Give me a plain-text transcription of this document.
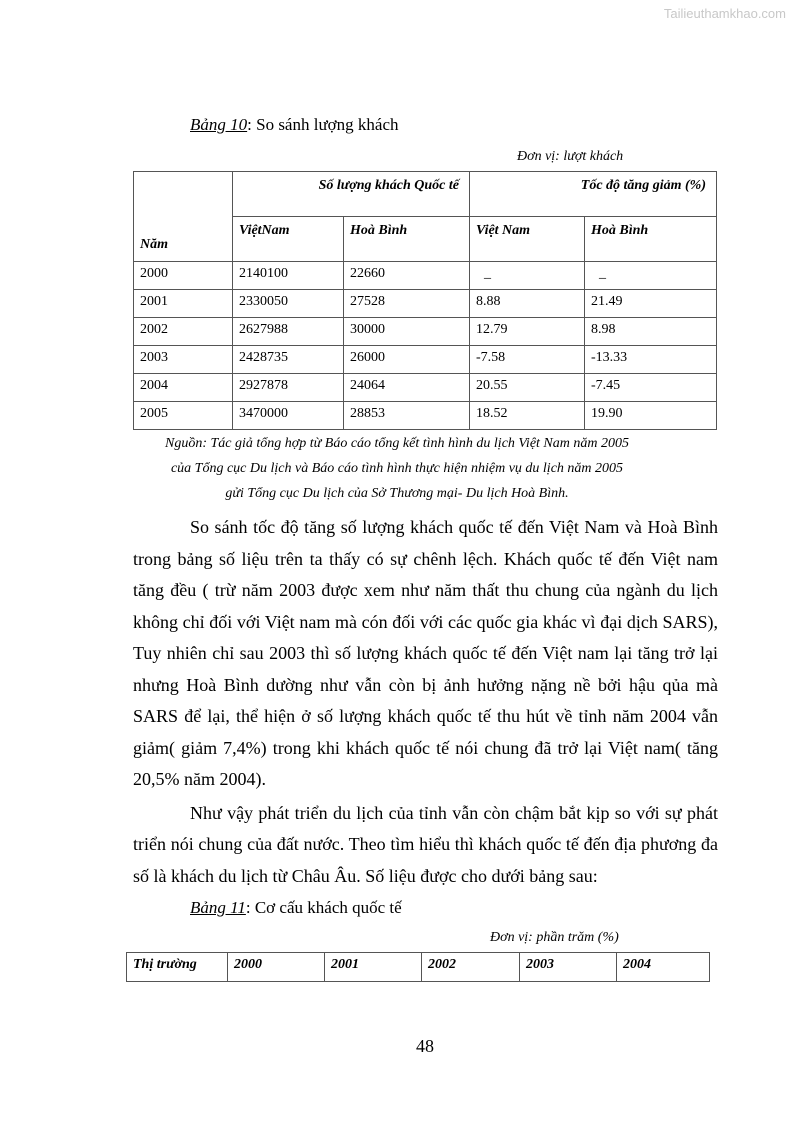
Tailieuthamkhao.com
Bảng 10: So sánh lượng khách
Đơn vị: lượt khách
Năm	Số lượng khách Quốc tế		Tốc độ tăng giảm (%)	
	ViệtNam	Hoà Bình	Việt Nam	Hoà Bình
2000	2140100	22660	_	_
2001	2330050	27528	8.88	21.49
2002	2627988	30000	12.79	8.98
2003	2428735	26000	-7.58	-13.33
2004	2927878	24064	20.55	-7.45
2005	3470000	28853	18.52	19.90
Nguồn: Tác giả tổng hợp từ Báo cáo tổng kết tình hình du lịch Việt Nam năm 2005
của Tổng cục Du lịch và Báo cáo tình hình thực hiện nhiệm vụ du lịch năm 2005
gửi Tổng cục Du lịch của Sở Thương mại- Du lịch Hoà Bình.

So sánh tốc độ tăng số lượng khách quốc tế đến Việt Nam và Hoà Bình trong bảng số liệu trên ta thấy có sự chênh lệch. Khách quốc tế đến Việt nam tăng đều ( trừ năm 2003 được xem như năm thất thu chung của ngành du lịch không chỉ đối với Việt nam mà cón đối với các quốc gia khác vì đại dịch SARS), Tuy nhiên chỉ sau 2003 thì số lượng khách quốc tế đến Việt nam lại tăng trở lại nhưng Hoà Bình dường như vẫn còn bị ảnh hưởng nặng nề bởi hậu qủa mà SARS để lại, thể hiện ở số lượng khách quốc tế thu hút về tỉnh năm 2004 vẫn giảm( giảm 7,4%) trong khi khách quốc tế nói chung đã trở lại Việt nam( tăng 20,5% năm 2004).

Như vậy phát triển du lịch của tỉnh vẫn còn chậm bắt kịp so với sự phát triển nói chung của đất nước. Theo tìm hiểu thì khách quốc tế đến địa phương đa số là khách du lịch từ Châu Âu. Số liệu được cho dưới bảng sau:

Bảng 11: Cơ cấu khách quốc tế
Đơn vị: phần trăm (%)
Thị trường	2000	2001	2002	2003	2004
48
